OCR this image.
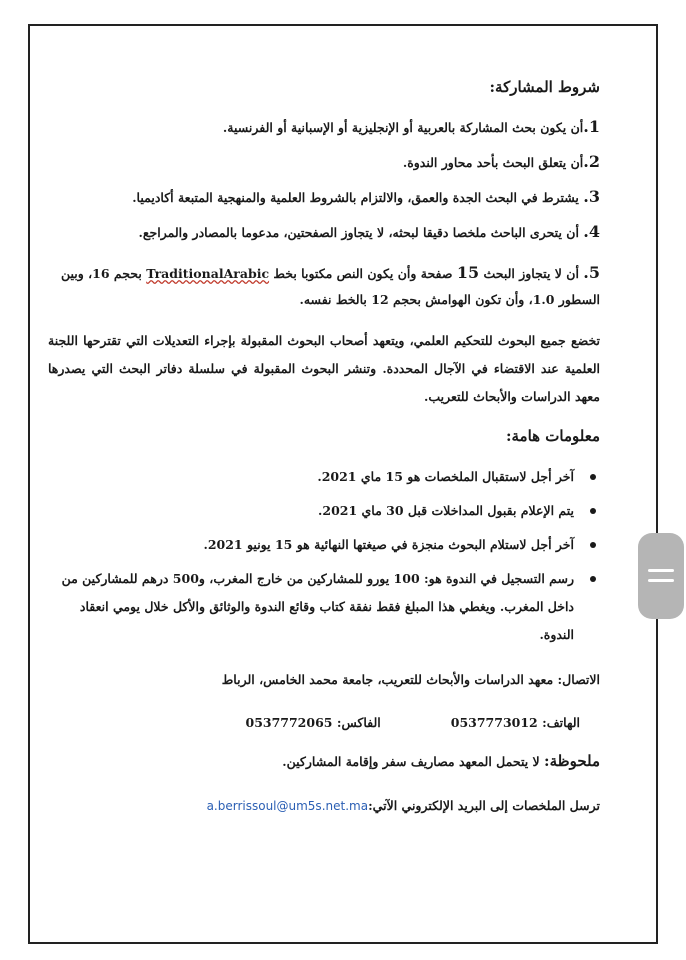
شروط المشاركة:
1.أن يكون بحث المشاركة بالعربية أو الإنجليزية أو الإسبانية أو الفرنسية.
2.أن يتعلق البحث بأحد محاور الندوة.
3. يشترط في البحث الجدة والعمق، والالتزام بالشروط العلمية والمنهجية المتبعة أكاديميا.
4. أن يتحرى الباحث ملخصا دقيقا لبحثه، لا يتجاوز الصفحتين، مدعوما بالمصادر والمراجع.
5. أن لا يتجاوز البحث 15 صفحة وأن يكون النص مكتوبا بخط TraditionalArabic بحجم 16، وبين السطور 1.0، وأن تكون الهوامش بحجم 12 بالخط نفسه.
تخضع جميع البحوث للتحكيم العلمي، ويتعهد أصحاب البحوث المقبولة بإجراء التعديلات التي تقترحها اللجنة العلمية عند الاقتضاء في الآجال المحددة. وتنشر البحوث المقبولة في سلسلة دفاتر البحث التي يصدرها معهد الدراسات والأبحاث للتعريب.
معلومات هامة:
آخر أجل لاستقبال الملخصات هو 15 ماي 2021.
يتم الإعلام بقبول المداخلات قبل 30 ماي 2021.
آخر أجل لاستلام البحوث منجزة في صيغتها النهائية هو 15 يونيو 2021.
رسم التسجيل في الندوة هو: 100 يورو للمشاركين من خارج المغرب، و500 درهم للمشاركين من داخل المغرب. ويغطي هذا المبلغ فقط نفقة كتاب وقائع الندوة والوثائق والأكل خلال يومي انعقاد الندوة.
الاتصال: معهد الدراسات والأبحاث للتعريب، جامعة محمد الخامس، الرباط
الهاتف: 0537773012
الفاكس: 0537772065
ملحوظة: لا يتحمل المعهد مصاريف سفر وإقامة المشاركين.
ترسل الملخصات إلى البريد الإلكتروني الآتي:a.berrissoul@um5s.net.ma
